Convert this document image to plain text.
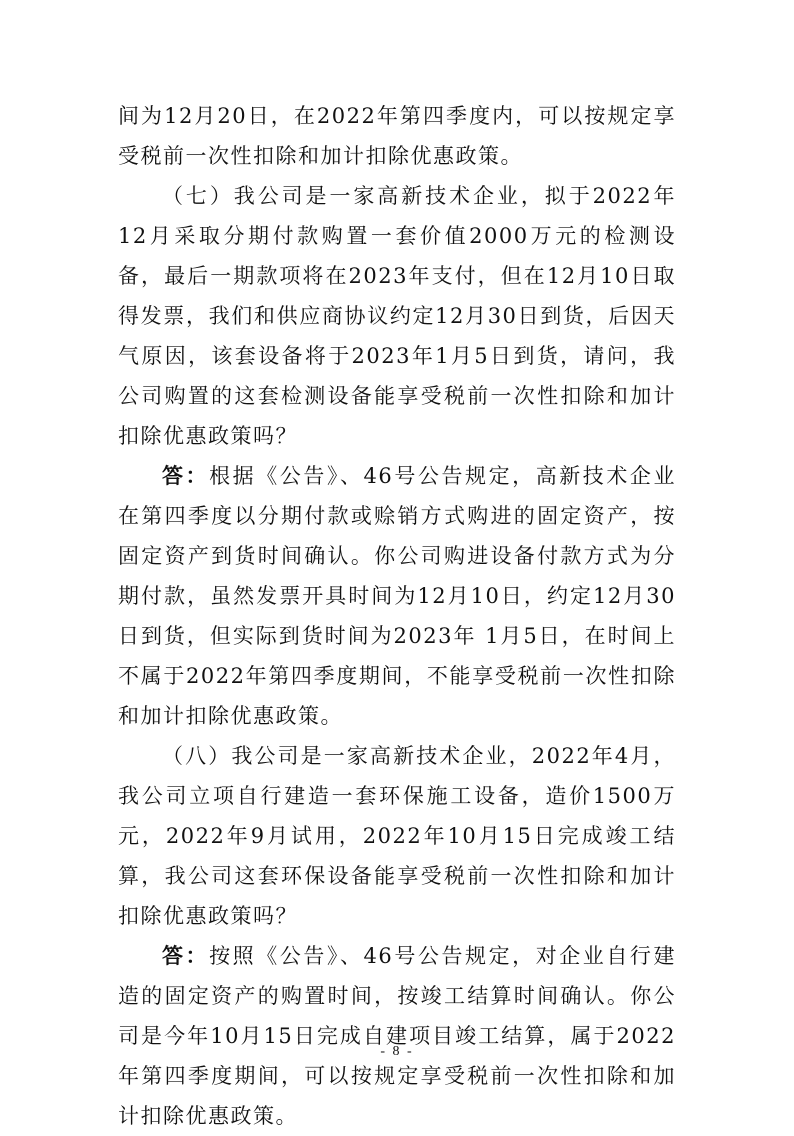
间为12月20日，在2022年第四季度内，可以按规定享受税前一次性扣除和加计扣除优惠政策。

（七）我公司是一家高新技术企业，拟于2022年12月采取分期付款购置一套价值2000万元的检测设备，最后一期款项将在2023年支付，但在12月10日取得发票，我们和供应商协议约定12月30日到货，后因天气原因，该套设备将于2023年1月5日到货，请问，我公司购置的这套检测设备能享受税前一次性扣除和加计扣除优惠政策吗？

答：根据《公告》、46号公告规定，高新技术企业在第四季度以分期付款或赊销方式购进的固定资产，按固定资产到货时间确认。你公司购进设备付款方式为分期付款，虽然发票开具时间为12月10日，约定12月30日到货，但实际到货时间为2023年 1月5日，在时间上不属于2022年第四季度期间，不能享受税前一次性扣除和加计扣除优惠政策。

（八）我公司是一家高新技术企业，2022年4月，我公司立项自行建造一套环保施工设备，造价1500万元，2022年9月试用，2022年10月15日完成竣工结算，我公司这套环保设备能享受税前一次性扣除和加计扣除优惠政策吗？

答：按照《公告》、46号公告规定，对企业自行建造的固定资产的购置时间，按竣工结算时间确认。你公司是今年10月15日完成自建项目竣工结算，属于2022年第四季度期间，可以按规定享受税前一次性扣除和加计扣除优惠政策。

- 8 -
